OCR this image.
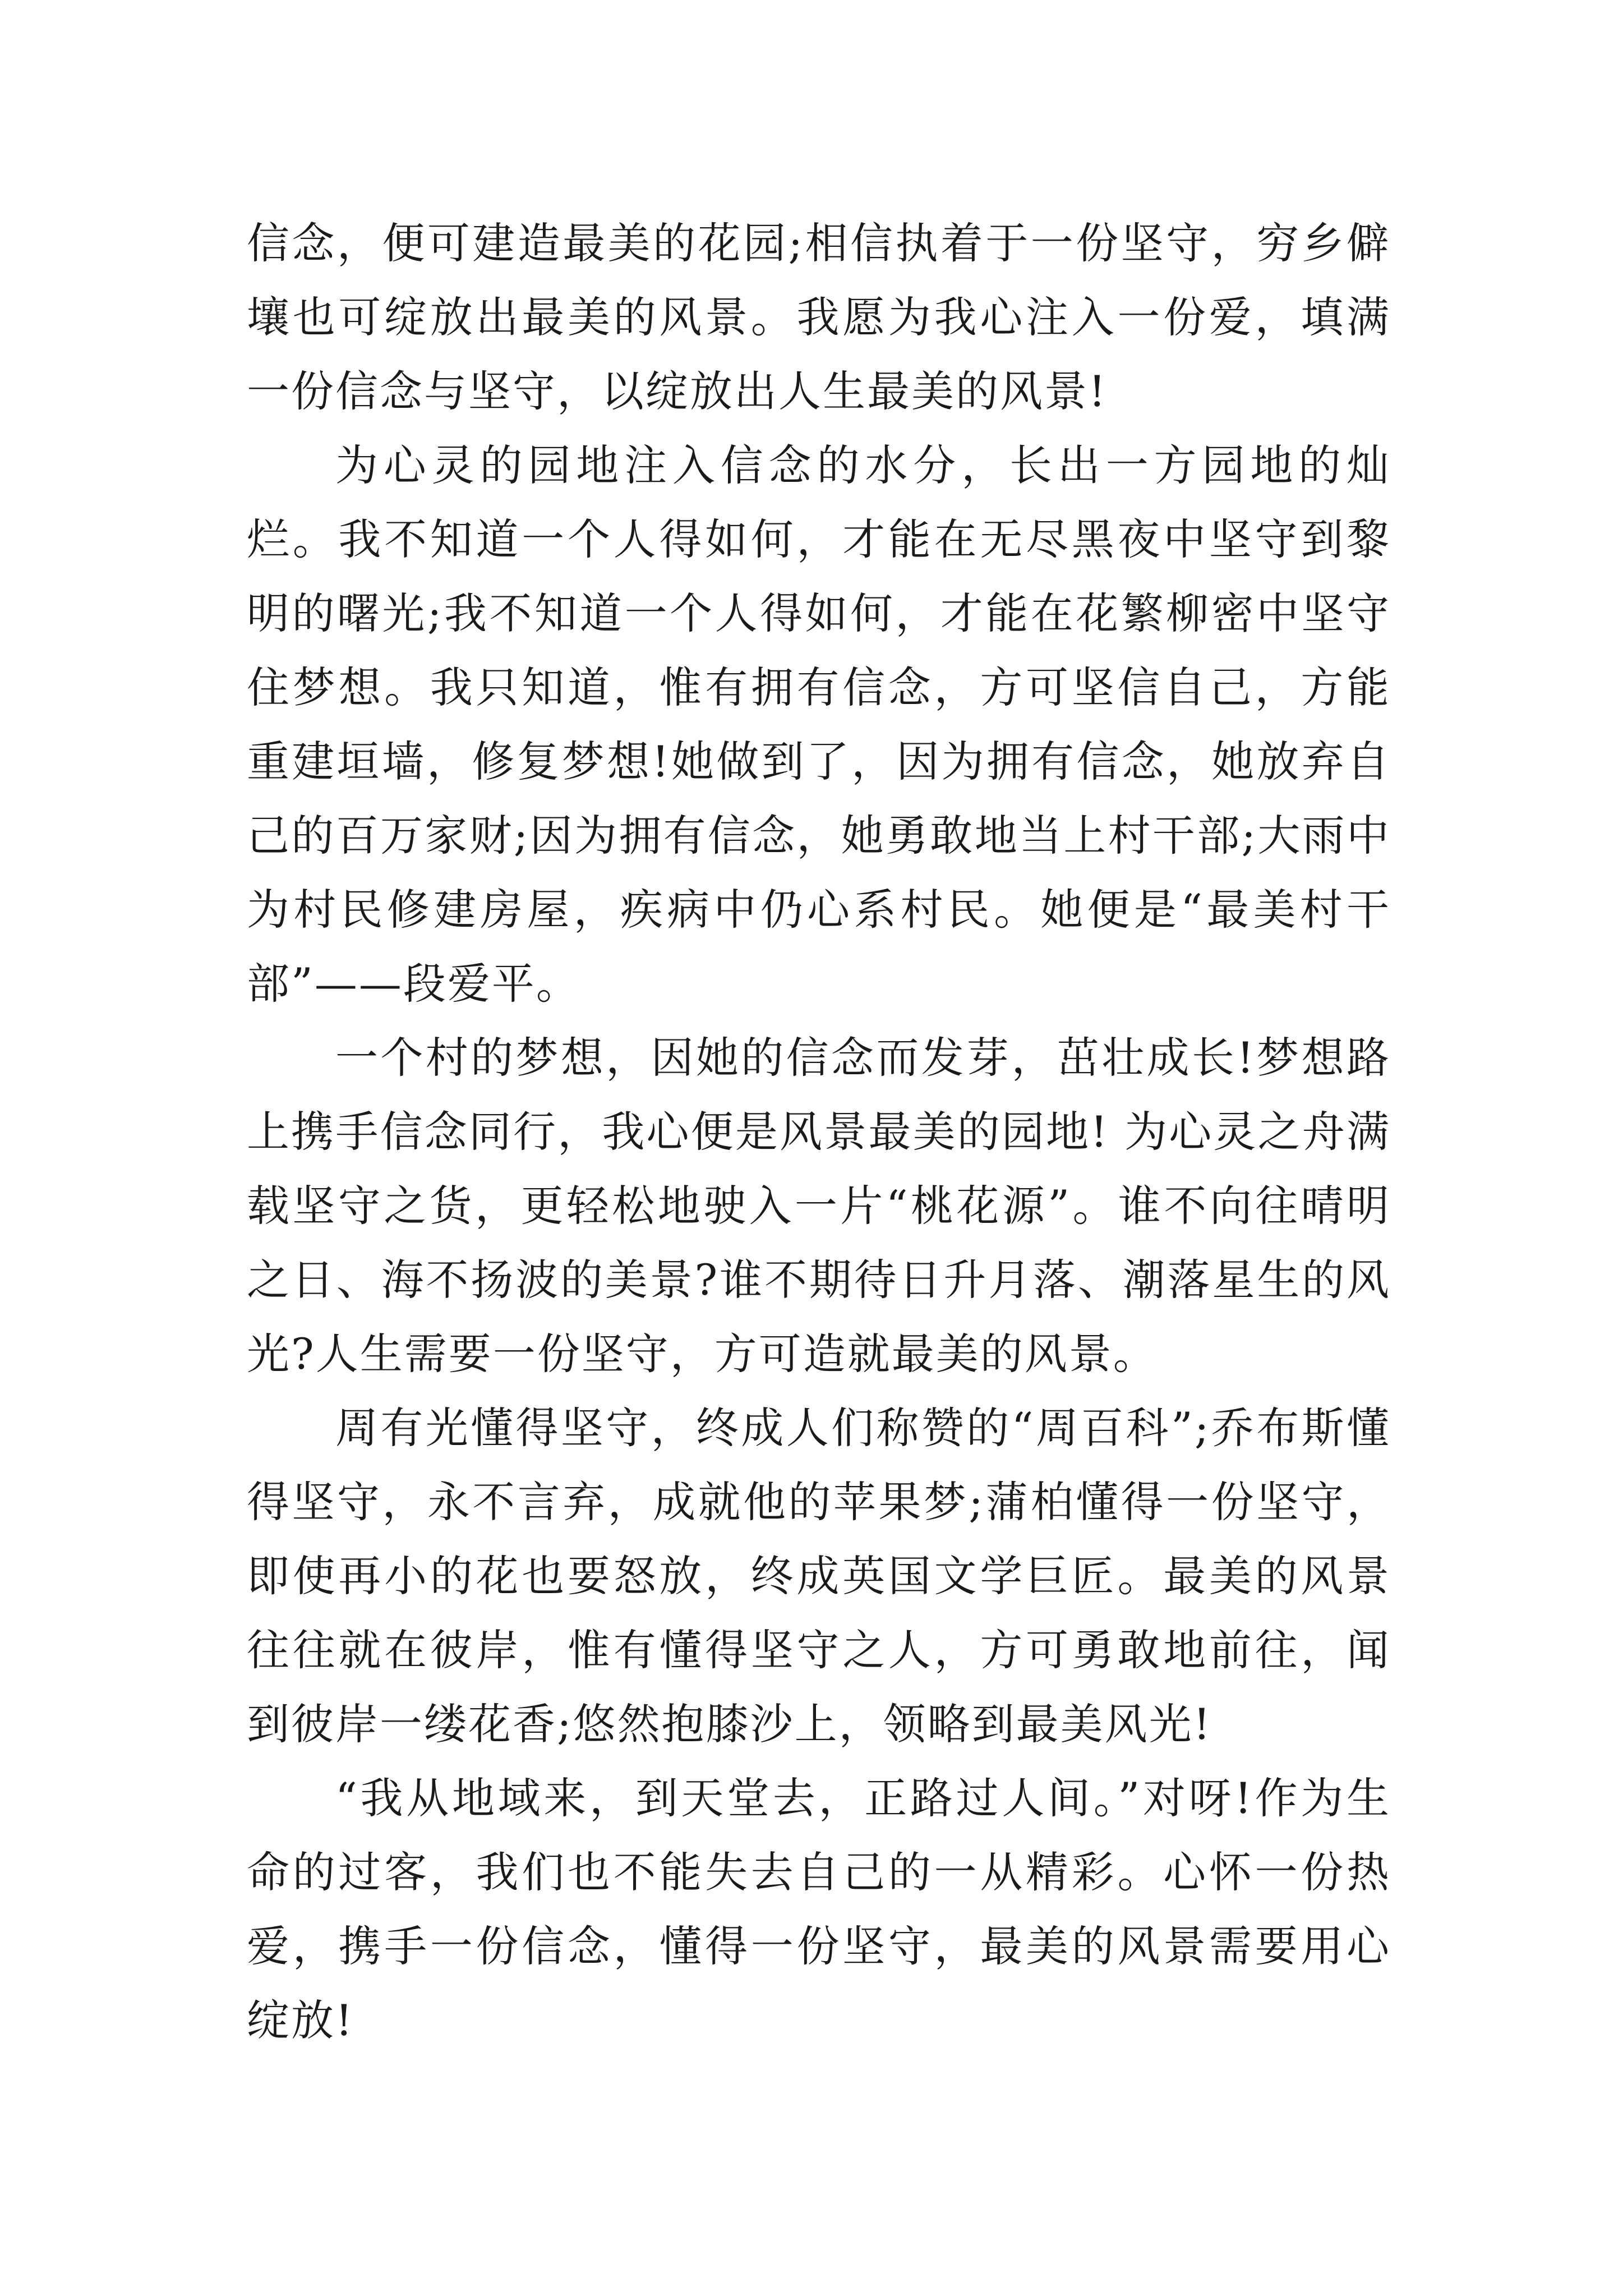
信念，便可建造最美的花园;相信执着于一份坚守，穷乡僻壤也可绽放出最美的风景。我愿为我心注入一份爱，填满一份信念与坚守，以绽放出人生最美的风景!

为心灵的园地注入信念的水分，长出一方园地的灿烂。我不知道一个人得如何，才能在无尽黑夜中坚守到黎明的曙光;我不知道一个人得如何，才能在花繁柳密中坚守住梦想。我只知道，惟有拥有信念，方可坚信自己，方能重建垣墙，修复梦想!她做到了，因为拥有信念，她放弃自己的百万家财;因为拥有信念，她勇敢地当上村干部;大雨中为村民修建房屋，疾病中仍心系村民。她便是“最美村干部”——段爱平。

一个村的梦想，因她的信念而发芽，茁壮成长!梦想路上携手信念同行，我心便是风景最美的园地! 为心灵之舟满载坚守之货，更轻松地驶入一片“桃花源”。谁不向往晴明之日、海不扬波的美景?谁不期待日升月落、潮落星生的风光?人生需要一份坚守，方可造就最美的风景。

周有光懂得坚守，终成人们称赞的“周百科”;乔布斯懂得坚守，永不言弃，成就他的苹果梦;蒲柏懂得一份坚守，即使再小的花也要怒放，终成英国文学巨匠。最美的风景往往就在彼岸，惟有懂得坚守之人，方可勇敢地前往，闻到彼岸一缕花香;悠然抱膝沙上，领略到最美风光!

“我从地域来，到天堂去，正路过人间。”对呀!作为生命的过客，我们也不能失去自己的一从精彩。心怀一份热爱，携手一份信念，懂得一份坚守，最美的风景需要用心绽放!
